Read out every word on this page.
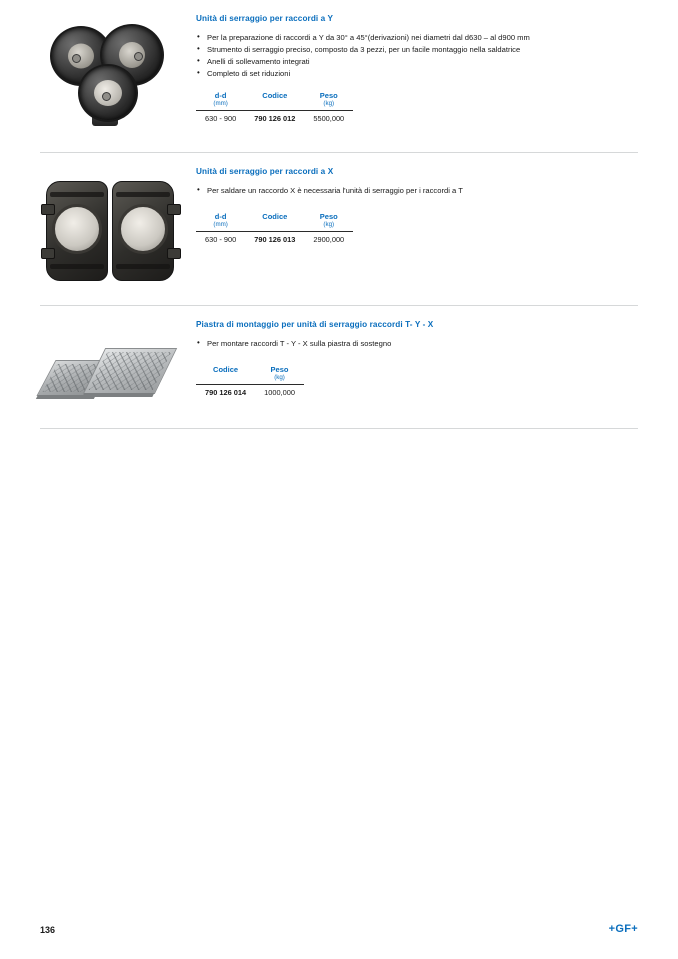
Unità di serraggio per raccordi a Y
• Per la preparazione di raccordi a Y da 30° a 45°(derivazioni) nei diametri dal d630 – al d900 mm
• Strumento di serraggio preciso, composto da 3 pezzi, per un facile montaggio nella saldatrice
• Anelli di sollevamento integrati
• Completo di set riduzioni
d-d	Codice	Peso
(mm)		(kg)
630 - 900	790 126 012	5500,000
Unità di serraggio per raccordi a X
• Per saldare un raccordo X è necessaria l'unità di serraggio per i raccordi a T
d-d	Codice	Peso
(mm)		(kg)
630 - 900	790 126 013	2900,000
Piastra di montaggio per unità di serraggio raccordi T- Y - X
• Per montare raccordi T - Y - X sulla piastra di sostegno
Codice	Peso
	(kg)
790 126 014	1000,000
136	+GF+
